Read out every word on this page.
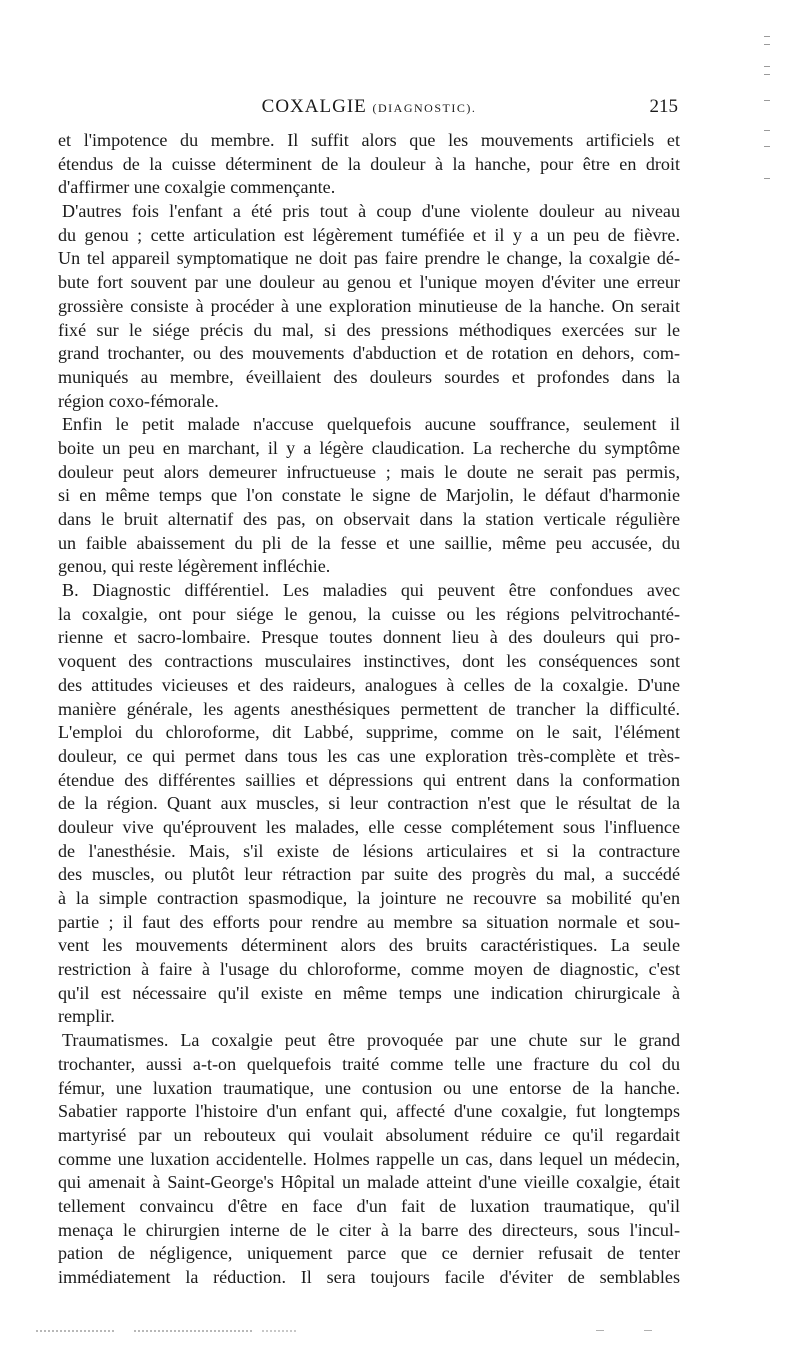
COXALGIE (DIAGNOSTIC).	215
et l'impotence du membre. Il suffit alors que les mouvements artificiels et
étendus de la cuisse déterminent de la douleur à la hanche, pour être en droit
d'affirmer une coxalgie commençante.
D'autres fois l'enfant a été pris tout à coup d'une violente douleur au niveau
du genou ; cette articulation est légèrement tuméfiée et il y a un peu de fièvre.
Un tel appareil symptomatique ne doit pas faire prendre le change, la coxalgie dé-
bute fort souvent par une douleur au genou et l'unique moyen d'éviter une erreur
grossière consiste à procéder à une exploration minutieuse de la hanche. On serait
fixé sur le siége précis du mal, si des pressions méthodiques exercées sur le
grand trochanter, ou des mouvements d'abduction et de rotation en dehors, com-
muniqués au membre, éveillaient des douleurs sourdes et profondes dans la
région coxo-fémorale.
Enfin le petit malade n'accuse quelquefois aucune souffrance, seulement il
boite un peu en marchant, il y a légère claudication. La recherche du symptôme
douleur peut alors demeurer infructueuse ; mais le doute ne serait pas permis,
si en même temps que l'on constate le signe de Marjolin, le défaut d'harmonie
dans le bruit alternatif des pas, on observait dans la station verticale régulière
un faible abaissement du pli de la fesse et une saillie, même peu accusée, du
genou, qui reste légèrement infléchie.
B. Diagnostic différentiel. Les maladies qui peuvent être confondues avec
la coxalgie, ont pour siége le genou, la cuisse ou les régions pelvitrochanté-
rienne et sacro-lombaire. Presque toutes donnent lieu à des douleurs qui pro-
voquent des contractions musculaires instinctives, dont les conséquences sont
des attitudes vicieuses et des raideurs, analogues à celles de la coxalgie. D'une
manière générale, les agents anesthésiques permettent de trancher la difficulté.
L'emploi du chloroforme, dit Labbé, supprime, comme on le sait, l'élément
douleur, ce qui permet dans tous les cas une exploration très-complète et très-
étendue des différentes saillies et dépressions qui entrent dans la conformation
de la région. Quant aux muscles, si leur contraction n'est que le résultat de la
douleur vive qu'éprouvent les malades, elle cesse complétement sous l'influence
de l'anesthésie. Mais, s'il existe de lésions articulaires et si la contracture
des muscles, ou plutôt leur rétraction par suite des progrès du mal, a succédé
à la simple contraction spasmodique, la jointure ne recouvre sa mobilité qu'en
partie ; il faut des efforts pour rendre au membre sa situation normale et sou-
vent les mouvements déterminent alors des bruits caractéristiques. La seule
restriction à faire à l'usage du chloroforme, comme moyen de diagnostic, c'est
qu'il est nécessaire qu'il existe en même temps une indication chirurgicale à
remplir.
Traumatismes. La coxalgie peut être provoquée par une chute sur le grand
trochanter, aussi a-t-on quelquefois traité comme telle une fracture du col du
fémur, une luxation traumatique, une contusion ou une entorse de la hanche.
Sabatier rapporte l'histoire d'un enfant qui, affecté d'une coxalgie, fut longtemps
martyrisé par un rebouteux qui voulait absolument réduire ce qu'il regardait
comme une luxation accidentelle. Holmes rappelle un cas, dans lequel un médecin,
qui amenait à Saint-George's Hôpital un malade atteint d'une vieille coxalgie, était
tellement convaincu d'être en face d'un fait de luxation traumatique, qu'il
menaça le chirurgien interne de le citer à la barre des directeurs, sous l'incul-
pation de négligence, uniquement parce que ce dernier refusait de tenter
immédiatement la réduction. Il sera toujours facile d'éviter de semblables
